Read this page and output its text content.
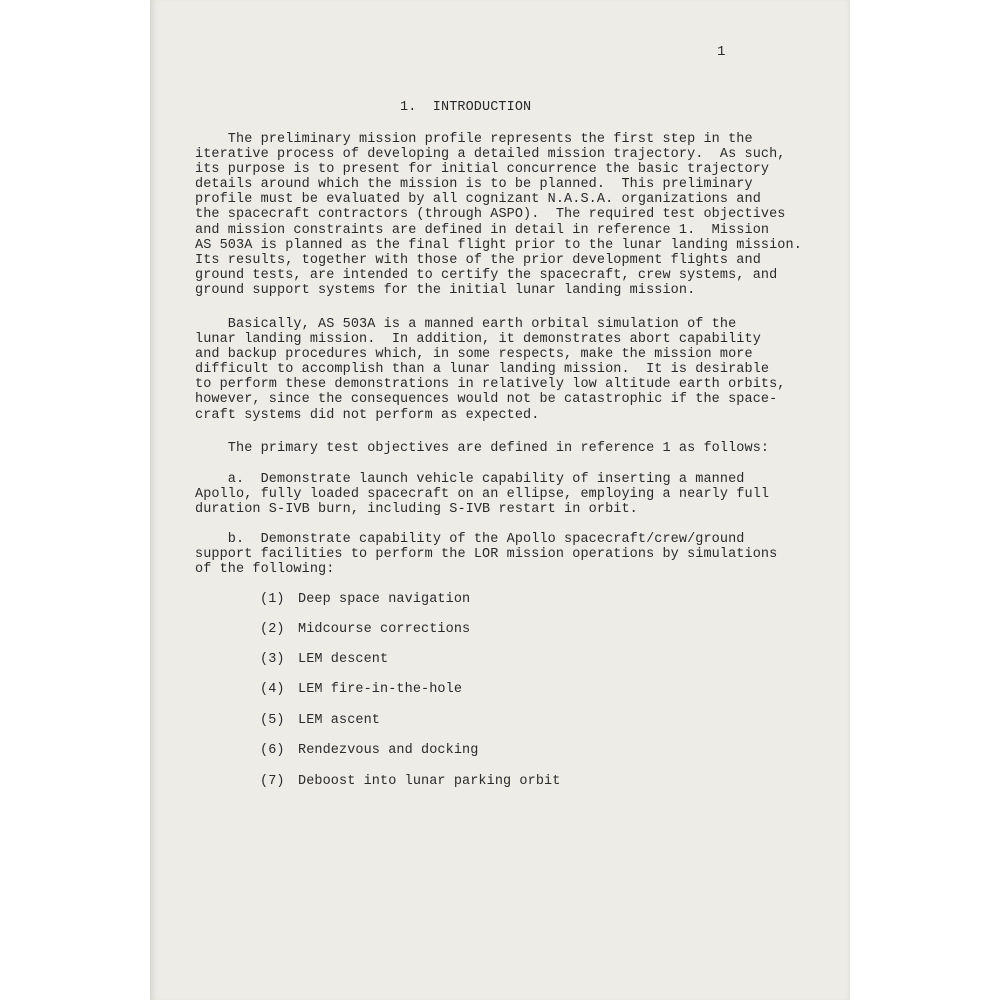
1
1.  INTRODUCTION
The preliminary mission profile represents the first step in the
iterative process of developing a detailed mission trajectory.  As such,
its purpose is to present for initial concurrence the basic trajectory
details around which the mission is to be planned.  This preliminary
profile must be evaluated by all cognizant N.A.S.A. organizations and
the spacecraft contractors (through ASPO).  The required test objectives
and mission constraints are defined in detail in reference 1.  Mission
AS 503A is planned as the final flight prior to the lunar landing mission.
Its results, together with those of the prior development flights and
ground tests, are intended to certify the spacecraft, crew systems, and
ground support systems for the initial lunar landing mission.
Basically, AS 503A is a manned earth orbital simulation of the
lunar landing mission.  In addition, it demonstrates abort capability
and backup procedures which, in some respects, make the mission more
difficult to accomplish than a lunar landing mission.  It is desirable
to perform these demonstrations in relatively low altitude earth orbits,
however, since the consequences would not be catastrophic if the space-
craft systems did not perform as expected.
The primary test objectives are defined in reference 1 as follows:
a.  Demonstrate launch vehicle capability of inserting a manned
Apollo, fully loaded spacecraft on an ellipse, employing a nearly full
duration S-IVB burn, including S-IVB restart in orbit.
b.  Demonstrate capability of the Apollo spacecraft/crew/ground
support facilities to perform the LOR mission operations by simulations
of the following:
(1) Deep space navigation
(2) Midcourse corrections
(3) LEM descent
(4) LEM fire-in-the-hole
(5) LEM ascent
(6) Rendezvous and docking
(7) Deboost into lunar parking orbit
